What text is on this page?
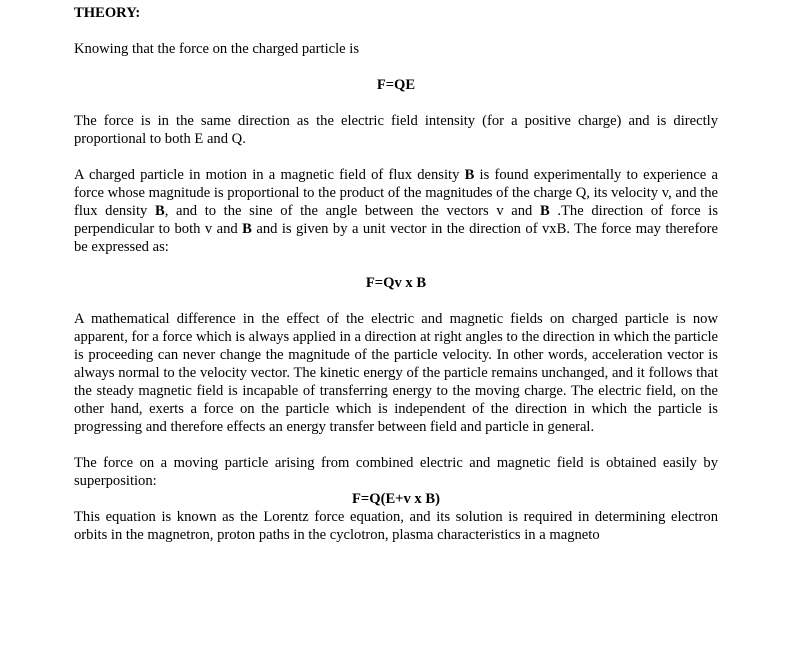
THEORY:

Knowing that the force on the charged particle is

F=QE

The force is in the same direction as the electric field intensity (for a positive charge) and is directly proportional to both E and Q.

A charged particle in motion in a magnetic field of flux density B is found experimentally to experience a force whose magnitude is proportional to the product of the magnitudes of the charge Q, its velocity v, and the flux density B, and to the sine of the angle between the vectors v and B .The direction of force is perpendicular to both v and B and is given by a unit vector in the direction of vxB. The force may therefore be expressed as:

F=Qv x B

A mathematical difference in the effect of the electric and magnetic fields on charged particle is now apparent, for a force which is always applied in a direction at right angles to the direction in which the particle is proceeding can never change the magnitude of the particle velocity. In other words, acceleration vector is always normal to the velocity vector. The kinetic energy of the particle remains unchanged, and it follows that the steady magnetic field is incapable of transferring energy to the moving charge. The electric field, on the other hand, exerts a force on the particle which is independent of the direction in which the particle is progressing and therefore effects an energy transfer between field and particle in general.

The force on a moving particle arising from combined electric and magnetic field is obtained easily by superposition:

F=Q(E+v x B)

This equation is known as the Lorentz force equation, and its solution is required in determining electron orbits in the magnetron, proton paths in the cyclotron, plasma characteristics in a magneto
